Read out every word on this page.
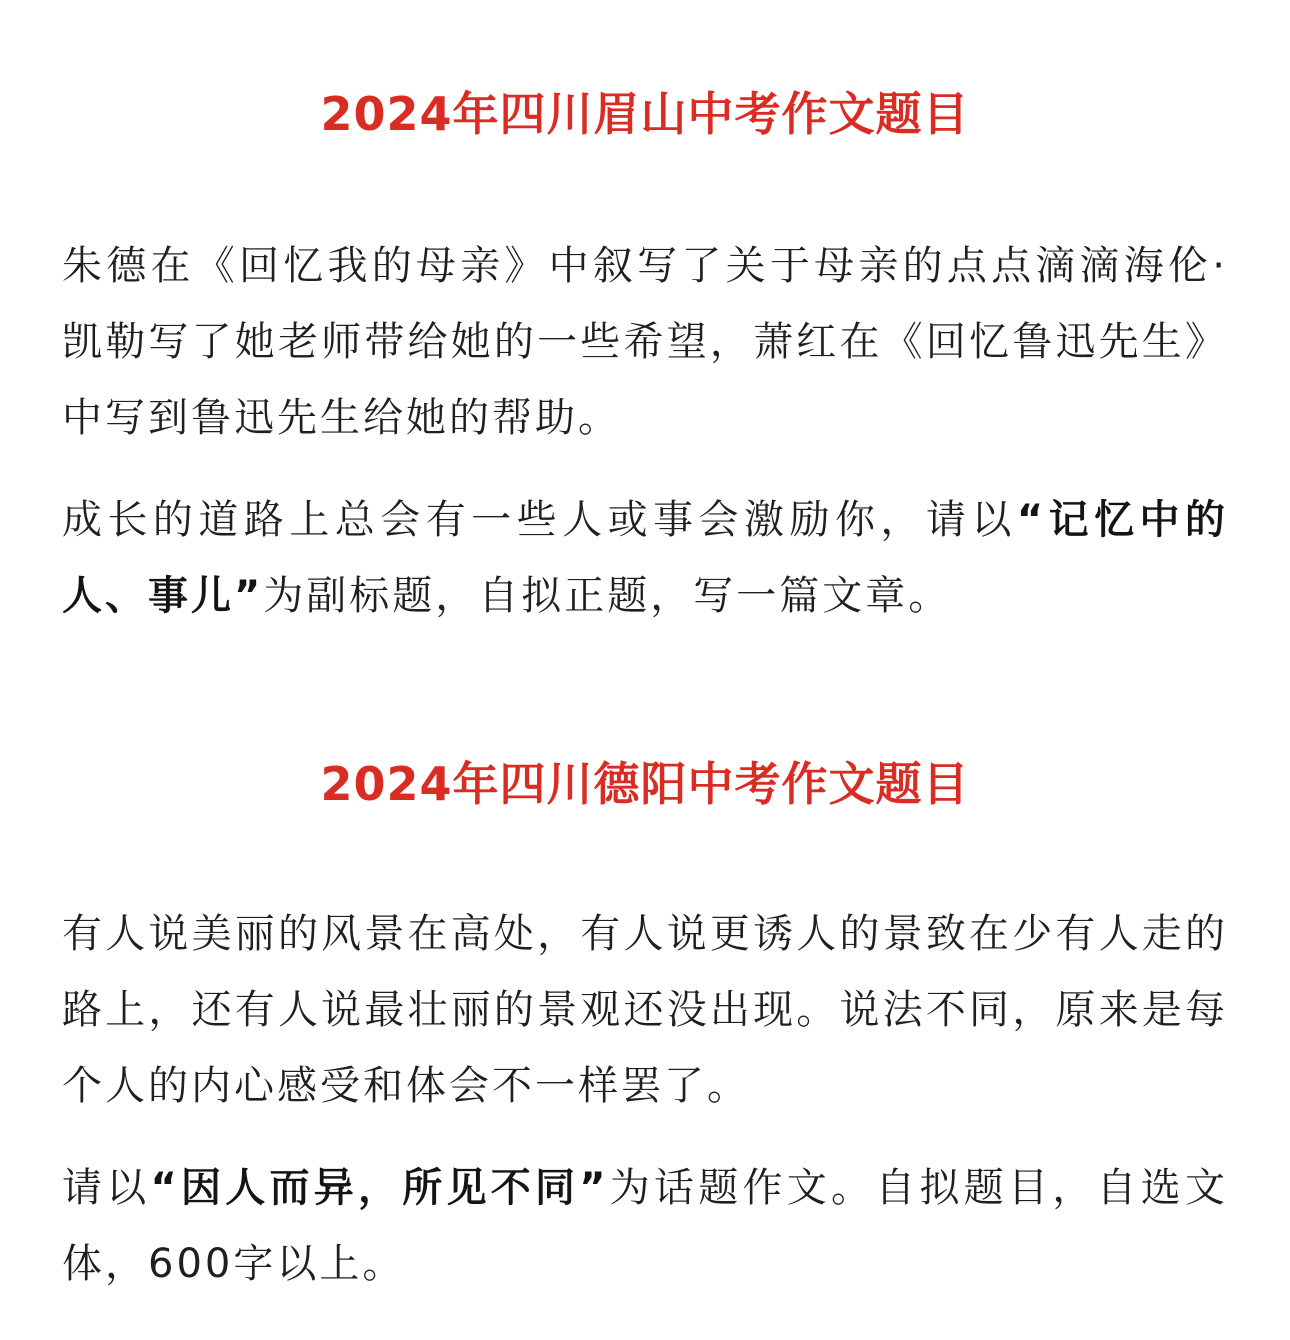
2024年四川眉山中考作文题目

朱德在《回忆我的母亲》中叙写了关于母亲的点点滴滴海伦·凯勒写了她老师带给她的一些希望，萧红在《回忆鲁迅先生》中写到鲁迅先生给她的帮助。

成长的道路上总会有一些人或事会激励你，请以“记忆中的人、事儿”为副标题，自拟正题，写一篇文章。

2024年四川德阳中考作文题目

有人说美丽的风景在高处，有人说更诱人的景致在少有人走的路上，还有人说最壮丽的景观还没出现。说法不同，原来是每个人的内心感受和体会不一样罢了。

请以“因人而异，所见不同”为话题作文。自拟题目，自选文体，600字以上。
